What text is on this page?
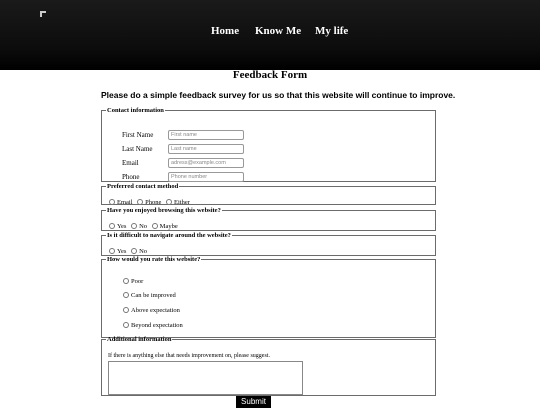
Home Know Me My life
Feedback Form
Please do a simple feedback survey for us so that this website will continue to improve.
Contact information
First Name
First name
Last Name
Last name
Email
adress@example.com
Phone
Phone number
Preferred contact method
Email Phone Either
Have you enjoyed browsing this website?
Yes No Maybe
Is it difficult to navigate around the website?
Yes No
How would you rate this website?
Poor
Can be improved
Above expectation
Beyond expectation
Additional information
If there is anything else that needs improvement on, please suggest.
Submit
